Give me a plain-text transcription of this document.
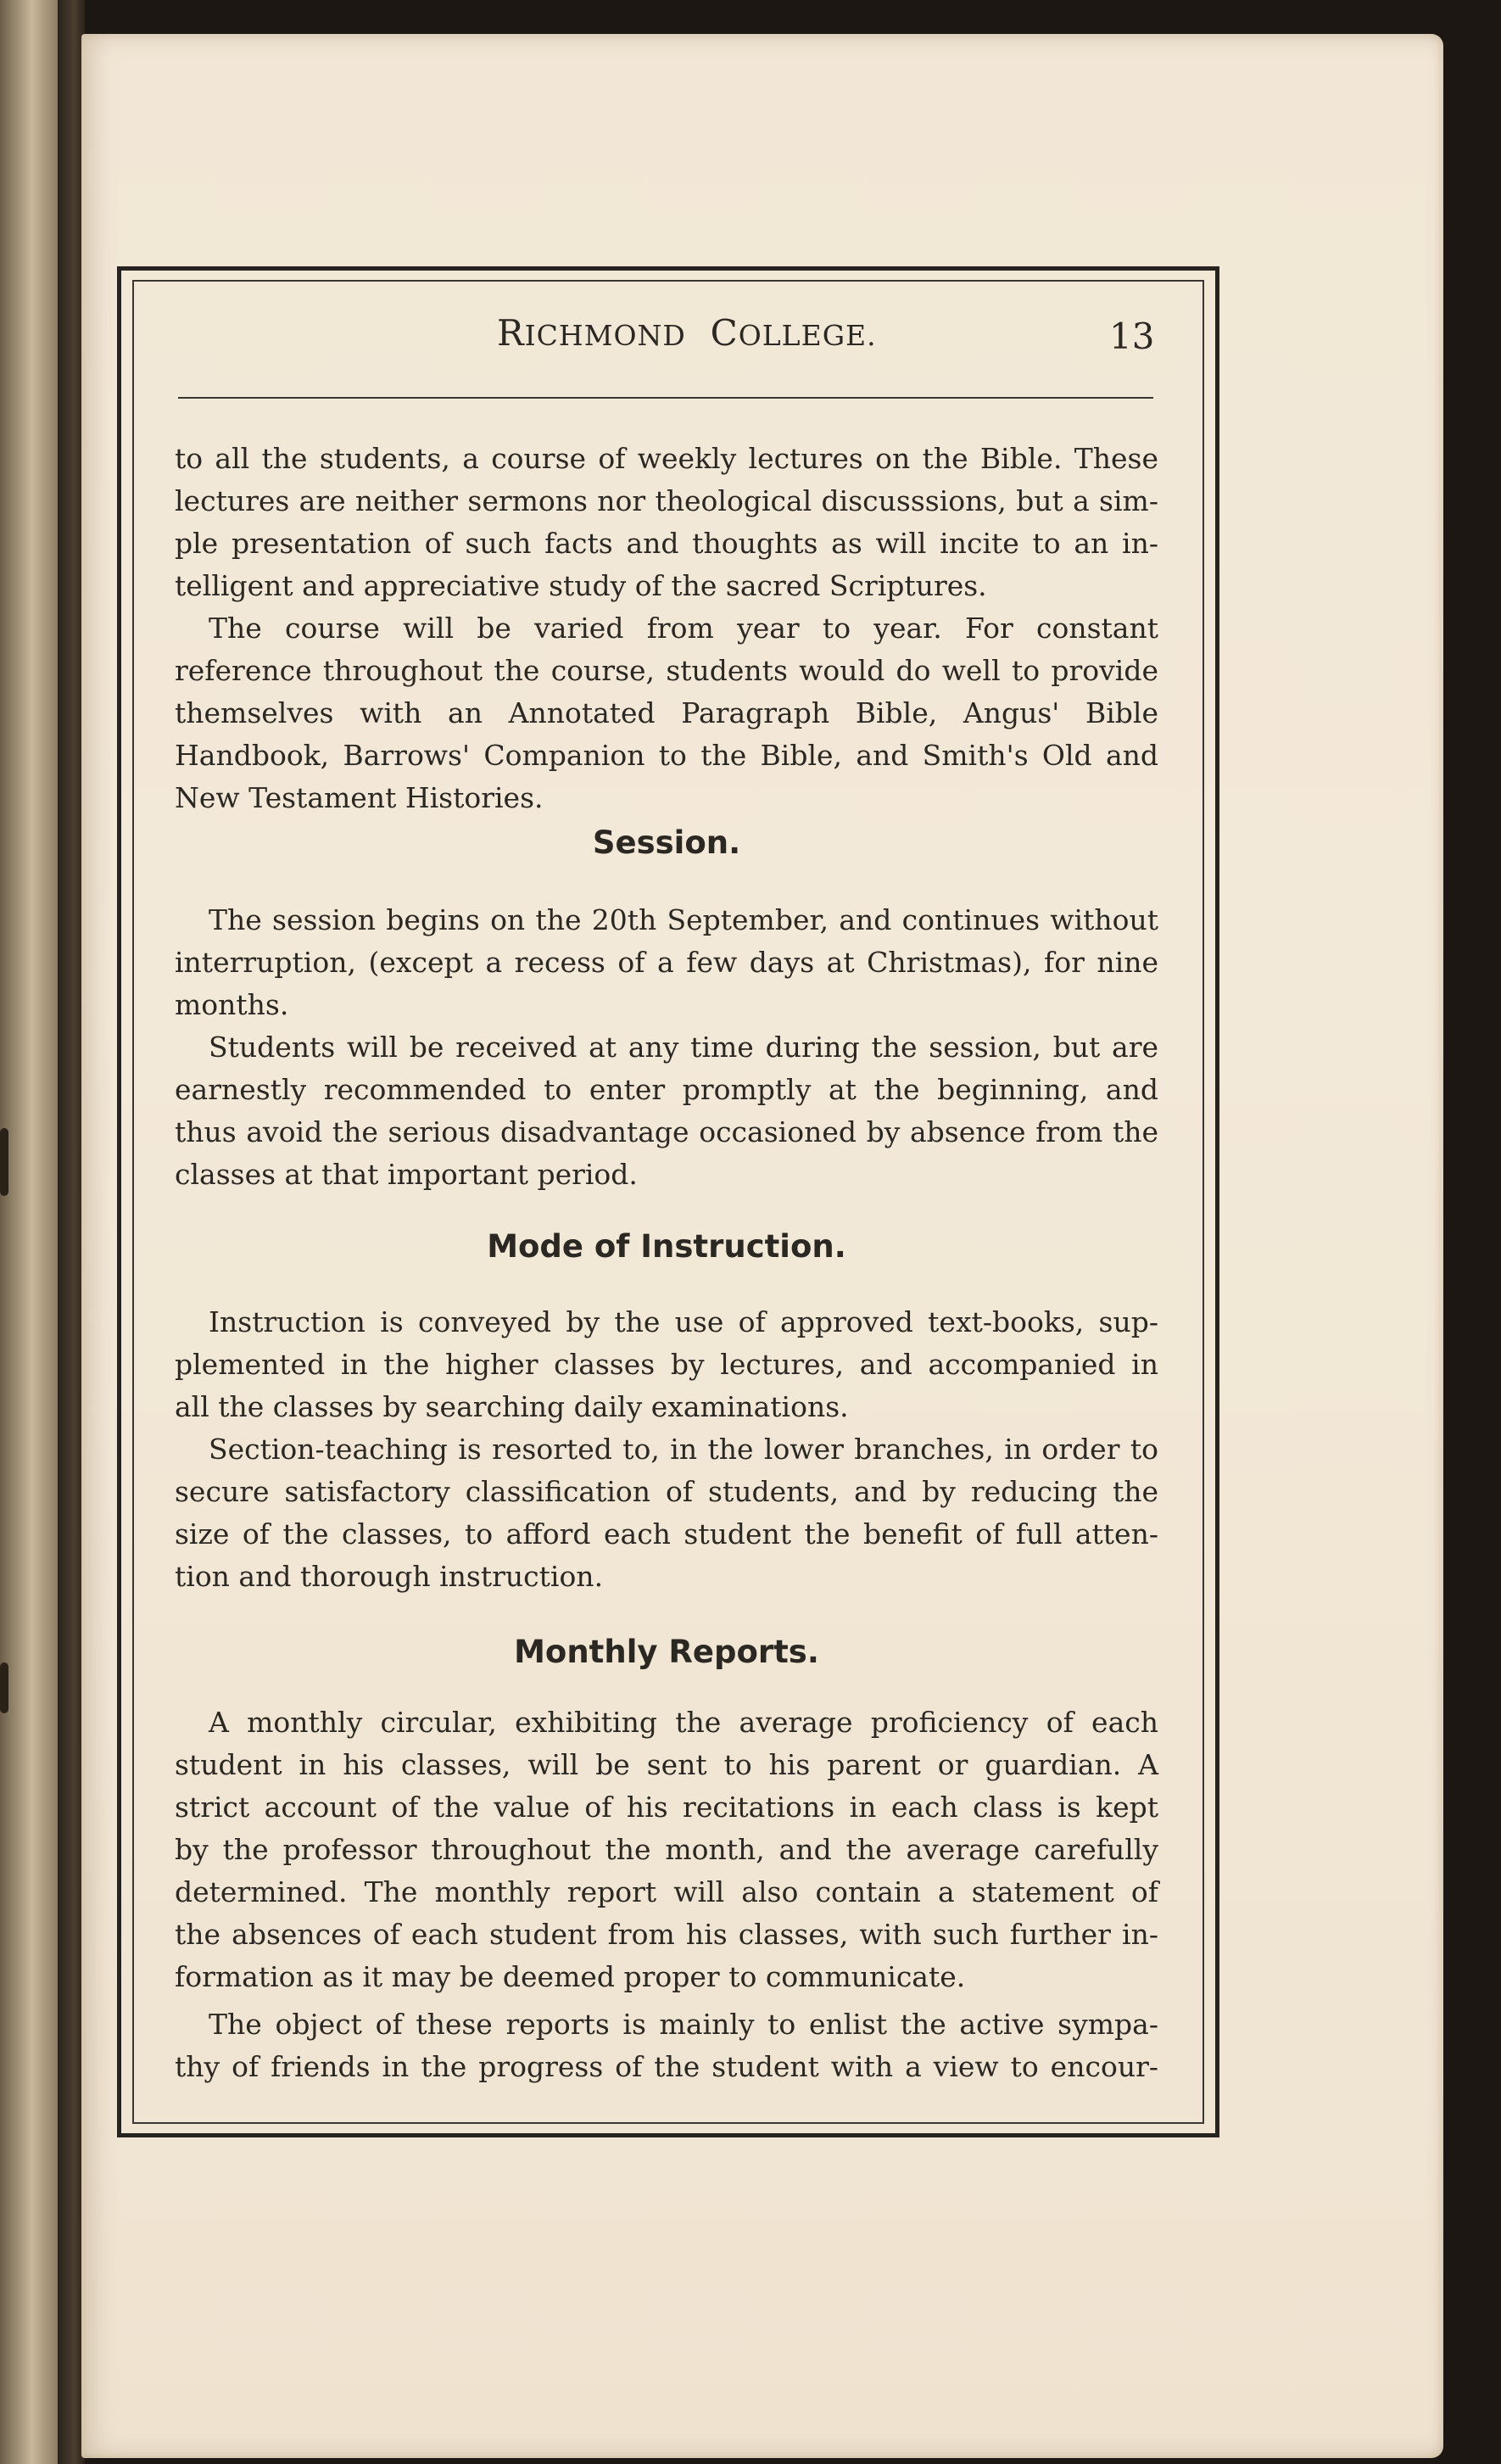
RICHMOND COLLEGE.	13
to all the students, a course of weekly lectures on the Bible. These
lectures are neither sermons nor theological discusssions, but a sim-
ple presentation of such facts and thoughts as will incite to an in-
telligent and appreciative study of the sacred Scriptures.
The course will be varied from year to year. For constant
reference throughout the course, students would do well to provide
themselves with an Annotated Paragraph Bible, Angus' Bible
Handbook, Barrows' Companion to the Bible, and Smith's Old and
New Testament Histories.
Session.
The session begins on the 20th September, and continues without
interruption, (except a recess of a few days at Christmas), for nine
months.
Students will be received at any time during the session, but are
earnestly recommended to enter promptly at the beginning, and
thus avoid the serious disadvantage occasioned by absence from the
classes at that important period.
Mode of Instruction.
Instruction is conveyed by the use of approved text-books, sup-
plemented in the higher classes by lectures, and accompanied in
all the classes by searching daily examinations.
Section-teaching is resorted to, in the lower branches, in order to
secure satisfactory classification of students, and by reducing the
size of the classes, to afford each student the benefit of full atten-
tion and thorough instruction.
Monthly Reports.
A monthly circular, exhibiting the average proficiency of each
student in his classes, will be sent to his parent or guardian. A
strict account of the value of his recitations in each class is kept
by the professor throughout the month, and the average carefully
determined. The monthly report will also contain a statement of
the absences of each student from his classes, with such further in-
formation as it may be deemed proper to communicate.
The object of these reports is mainly to enlist the active sympa-
thy of friends in the progress of the student with a view to encour-
